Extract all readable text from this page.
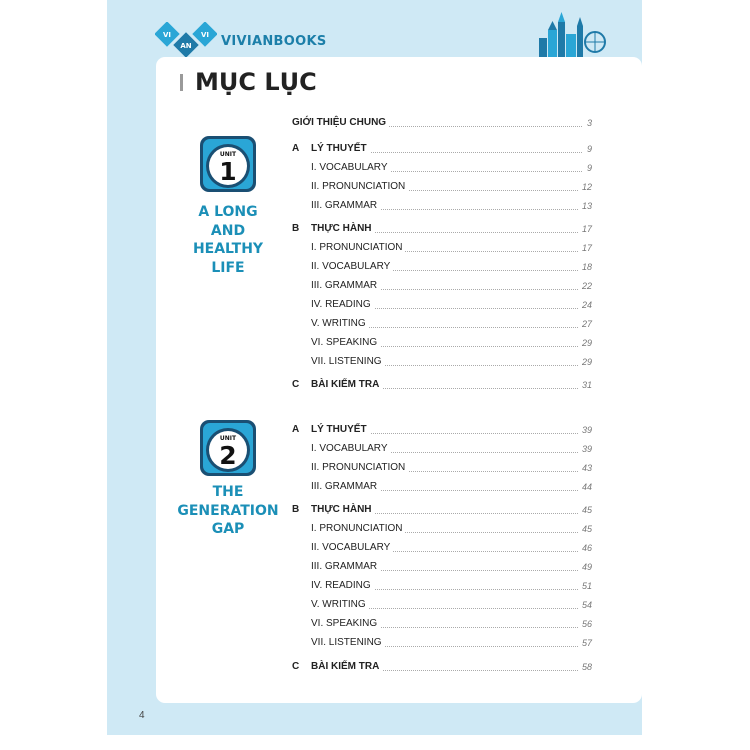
VI
AN
VI VIVIANBOOKS
MỤC LỤC
UNIT
1
A LONG
AND
HEALTHY
LIFE
UNIT
2
THE
GENERATION
GAP
GIỚI THIỆU CHUNG	3
A LÝ THUYẾT	9
I. VOCABULARY	9
II. PRONUNCIATION	12
III. GRAMMAR	13
B THỰC HÀNH	17
I. PRONUNCIATION	17
II. VOCABULARY	18
III. GRAMMAR	22
IV. READING	24
V. WRITING	27
VI. SPEAKING	29
VII. LISTENING	29
C BÀI KIỂM TRA	31
A LÝ THUYẾT	39
I. VOCABULARY	39
II. PRONUNCIATION	43
III. GRAMMAR	44
B THỰC HÀNH	45
I. PRONUNCIATION	45
II. VOCABULARY	46
III. GRAMMAR	49
IV. READING	51
V. WRITING	54
VI. SPEAKING	56
VII. LISTENING	57
C BÀI KIỂM TRA	58
4
